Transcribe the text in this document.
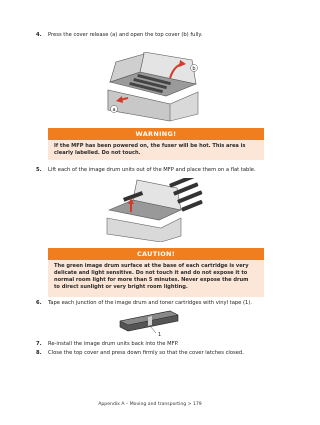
4. Press the cover release (a) and open the top cover (b) fully.
b
a
WARNING!
If the MFP has been powered on, the fuser will be hot. This area is
clearly labelled. Do not touch.
5. Lift each of the image drum units out of the MFP and place them on a flat table.
CAUTION!
The green image drum surface at the base of each cartridge is very
delicate and light sensitive. Do not touch it and do not expose it to
normal room light for more than 5 minutes. Never expose the drum
to direct sunlight or very bright room lighting.
6. Tape each junction of the image drum and toner cartridges with vinyl tape (1).
1
7. Re-install the image drum units back into the MFP.
8. Close the top cover and press down firmly so that the cover latches closed.
Appendix A – Moving and transporting > 179
